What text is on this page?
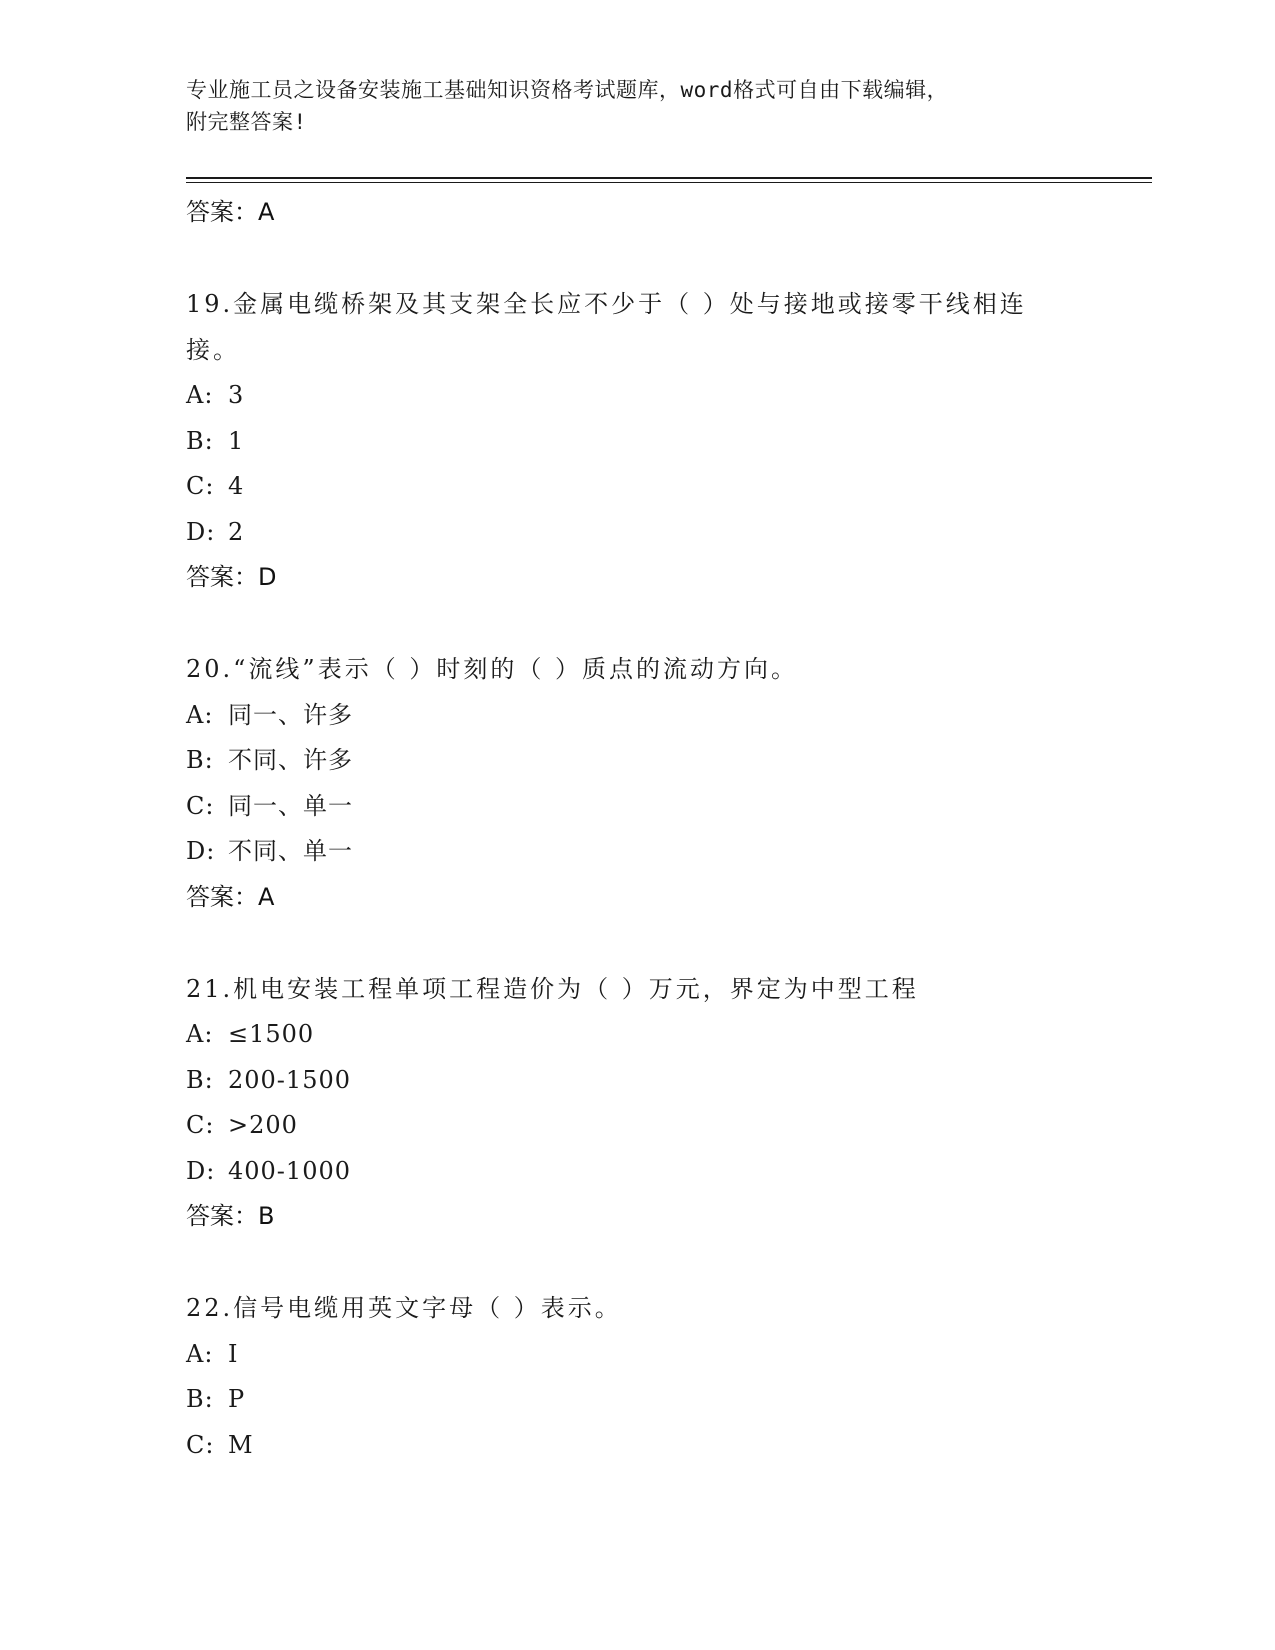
专业施工员之设备安装施工基础知识资格考试题库，word格式可自由下载编辑，
附完整答案!
答案：A

19.金属电缆桥架及其支架全长应不少于（ ）处与接地或接零干线相连接。

A: 3
B: 1
C: 4
D: 2
答案：D

20.“流线”表示（ ）时刻的（ ）质点的流动方向。

A: 同一、许多
B: 不同、许多
C: 同一、单一
D: 不同、单一
答案：A

21.机电安装工程单项工程造价为（ ）万元，界定为中型工程

A: ≤1500
B: 200-1500
C: >200
D: 400-1000
答案：B

22.信号电缆用英文字母（ ）表示。

A: I
B: P
C: M
